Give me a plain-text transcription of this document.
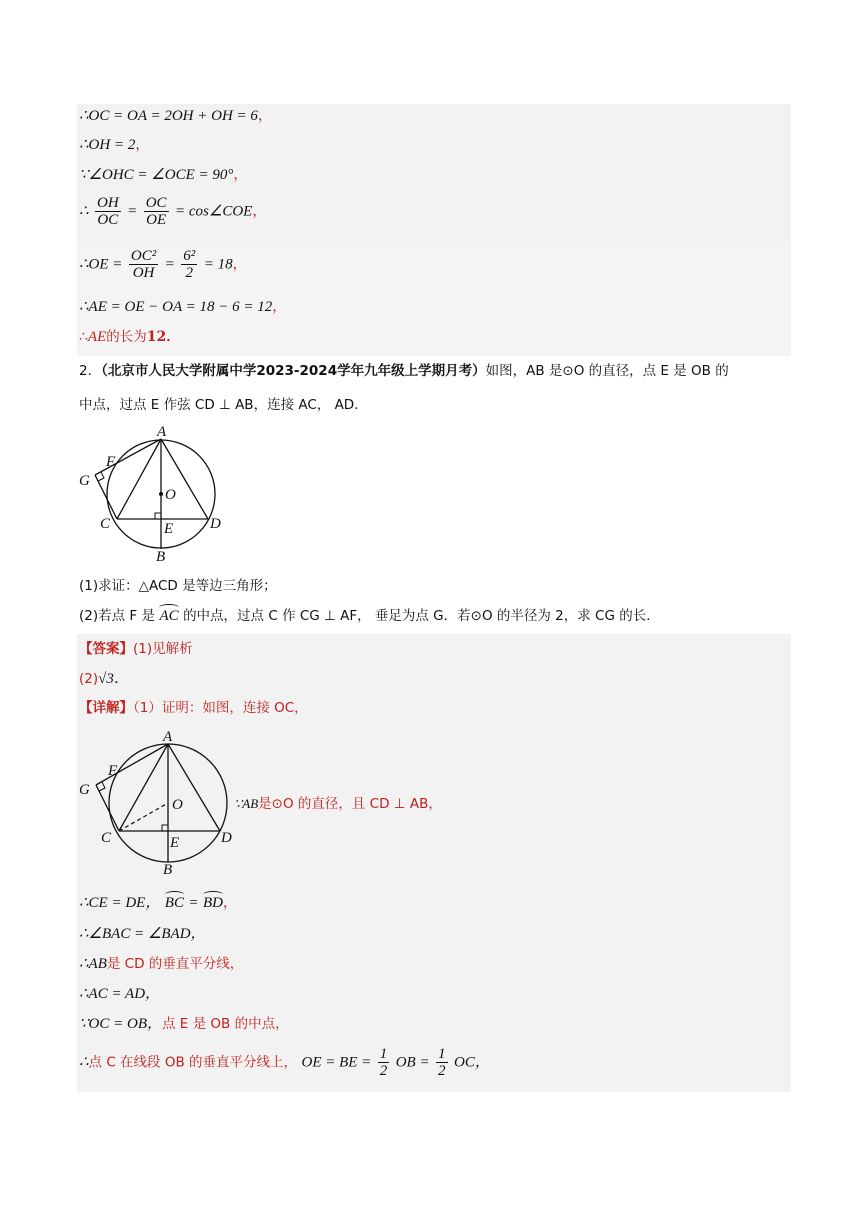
∴OC = OA = 2OH + OH = 6，
∴OH = 2，
∵∠OHC = ∠OCE = 90°，
∴ $\frac{OH}{OC} = \frac{OC}{OE}$ = cos∠COE，
∴OE = $\frac{\text{OC²}}{OH} = \frac{\text{6²}}{2} = 18$，
∴AE = OE − OA = 18 − 6 = 12，
∴AE的长为12．
2．（北京市人民大学附属中学2023-2024学年九年级上学期月考）如图，AB 是⊙O 的直径，点 E 是 OB 的
中点，过点 E 作弦 CD ⊥ AB，连接 AC， AD．
A
F
G
O
C	E D
B
(1)求证：△ACD 是等边三角形；
(2)若点 F 是 AC 的中点，过点 C 作 CG ⊥ AF， 垂足为点 G．若⊙O 的半径为 2，求 CG 的长．
【答案】(1)见解析
(2)√3．
【详解】（1）证明：如图，连接 OC，
A
F
G
O
C	E	D
B
∵AB是⊙O 的直径，且 CD ⊥ AB，
∴CE = DE， BC = BD，
∴∠BAC = ∠BAD，
∴AB是 CD 的垂直平分线，
∴AC = AD，
∵OC = OB，点 E 是 OB 的中点，
∴点 C 在线段 OB 的垂直平分线上， OE = BE = $\frac{1}{2}$ OB = $\frac{1}{2}$ OC，
